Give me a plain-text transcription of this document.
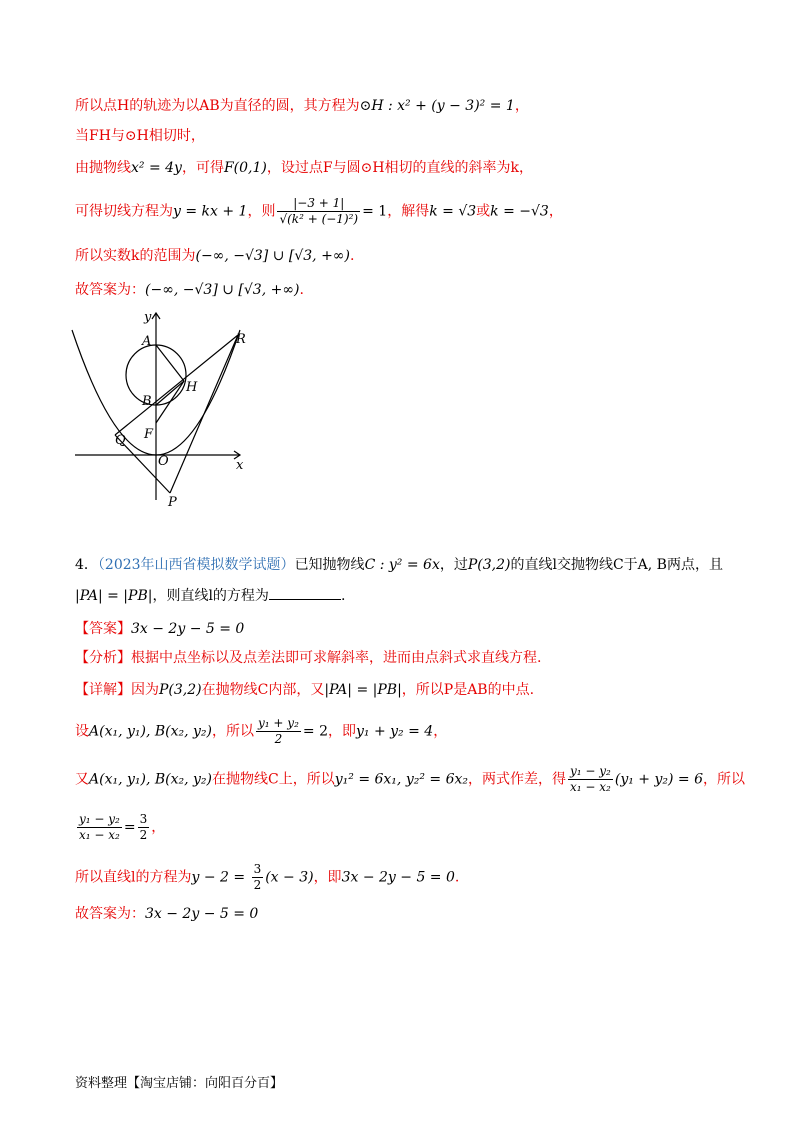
所以点H的轨迹为以AB为直径的圆，其方程为⊙H : x² + (y − 3)² = 1，
当FH与⊙H相切时，
由抛物线x² = 4y，可得F(0,1)，设过点F与圆⊙H相切的直线的斜率为k，
可得切线方程为y = kx + 1，则 $\frac{|-3 + 1|}{\text{√(k² + (−1)²)}} = 1$，解得k = √3或k = −√3，
所以实数k的范围为(−∞, −√3] ∪ [√3, +∞).
故答案为：(−∞, −√3] ∪ [√3, +∞).
y
x
A
B
H
F
Q
O
R
P
4．（2023年山西省模拟数学试题）已知抛物线C : y² = 6x，过P(3,2)的直线l交抛物线C于A, B两点，且
|PA| = |PB|，则直线l的方程为	.
【答案】3x − 2y − 5 = 0
【分析】根据中点坐标以及点差法即可求解斜率，进而由点斜式求直线方程.
【详解】因为P(3,2)在抛物线C内部，又|PA| = |PB|，所以P是AB的中点.
设A(x₁, y₁), B(x₂, y₂)，所以 $\frac{\text{y₁ + y₂}}{2} = 2$，即y₁ + y₂ = 4，
又A(x₁, y₁), B(x₂, y₂)在抛物线C上，所以y₁² = 6x₁, y₂² = 6x₂，两式作差，得 $\frac{\text{y₁ − y₂}}{\text{x₁ − x₂}} (y_1 + y_2) = 6$，所以
$\frac{\text{y₁ − y₂}}{\text{x₁ − x₂}} = \frac{3}{2}$ ，
所以直线l的方程为$y - 2 = \frac{3}{2} (x - 3)$，即3x − 2y − 5 = 0.
故答案为：3x − 2y − 5 = 0
资料整理【淘宝店铺：向阳百分百】
